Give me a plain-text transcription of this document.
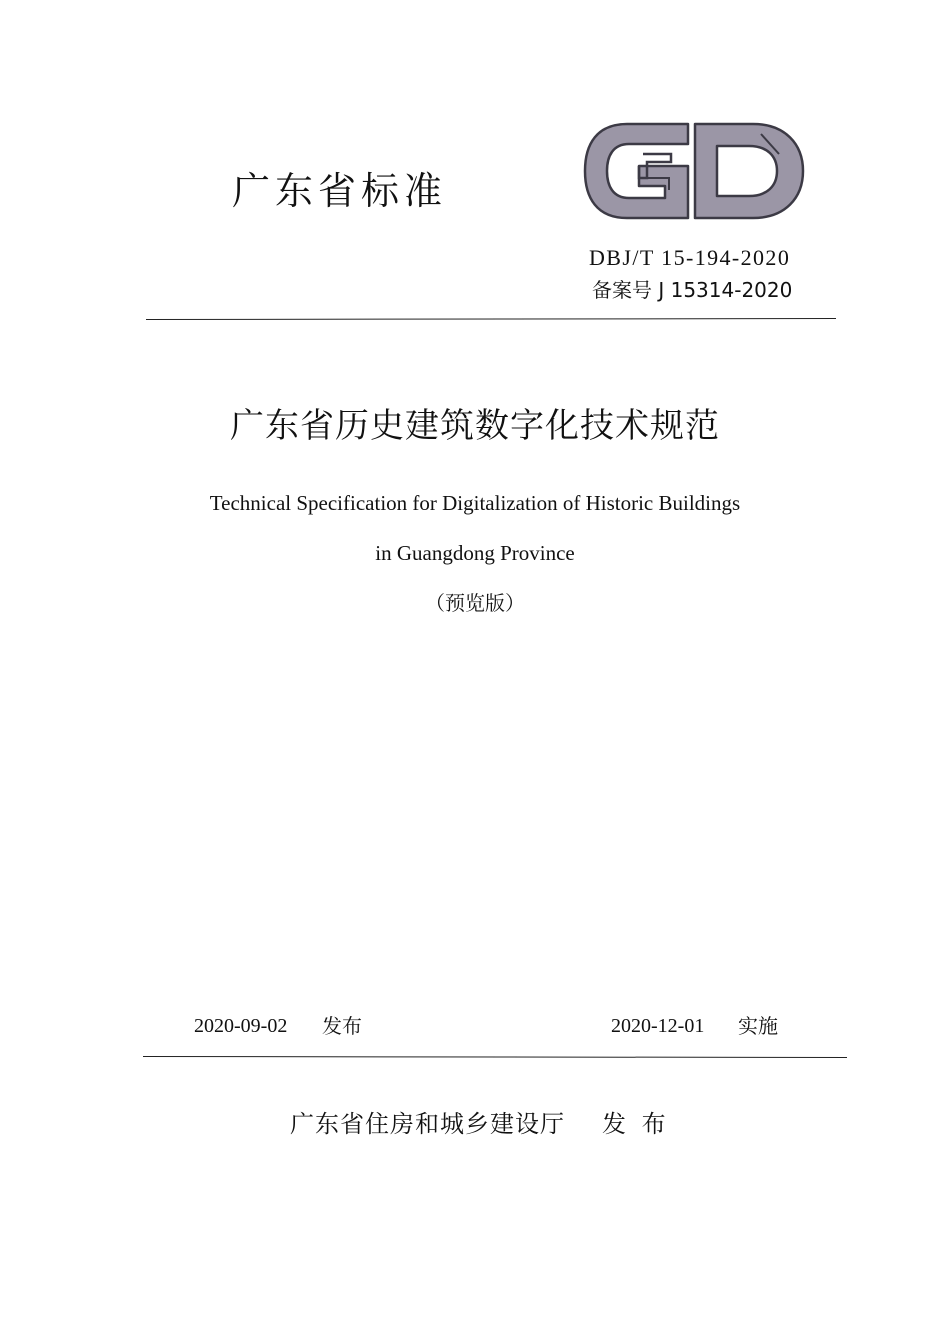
广东省标准
DBJ/T 15-194-2020
备案号 J 15314-2020
广东省历史建筑数字化技术规范
Technical Specification for Digitalization of Historic Buildings
in Guangdong Province
（预览版）
2020-09-02 发布	2020-12-01 实施
广东省住房和城乡建设厅 发 布
